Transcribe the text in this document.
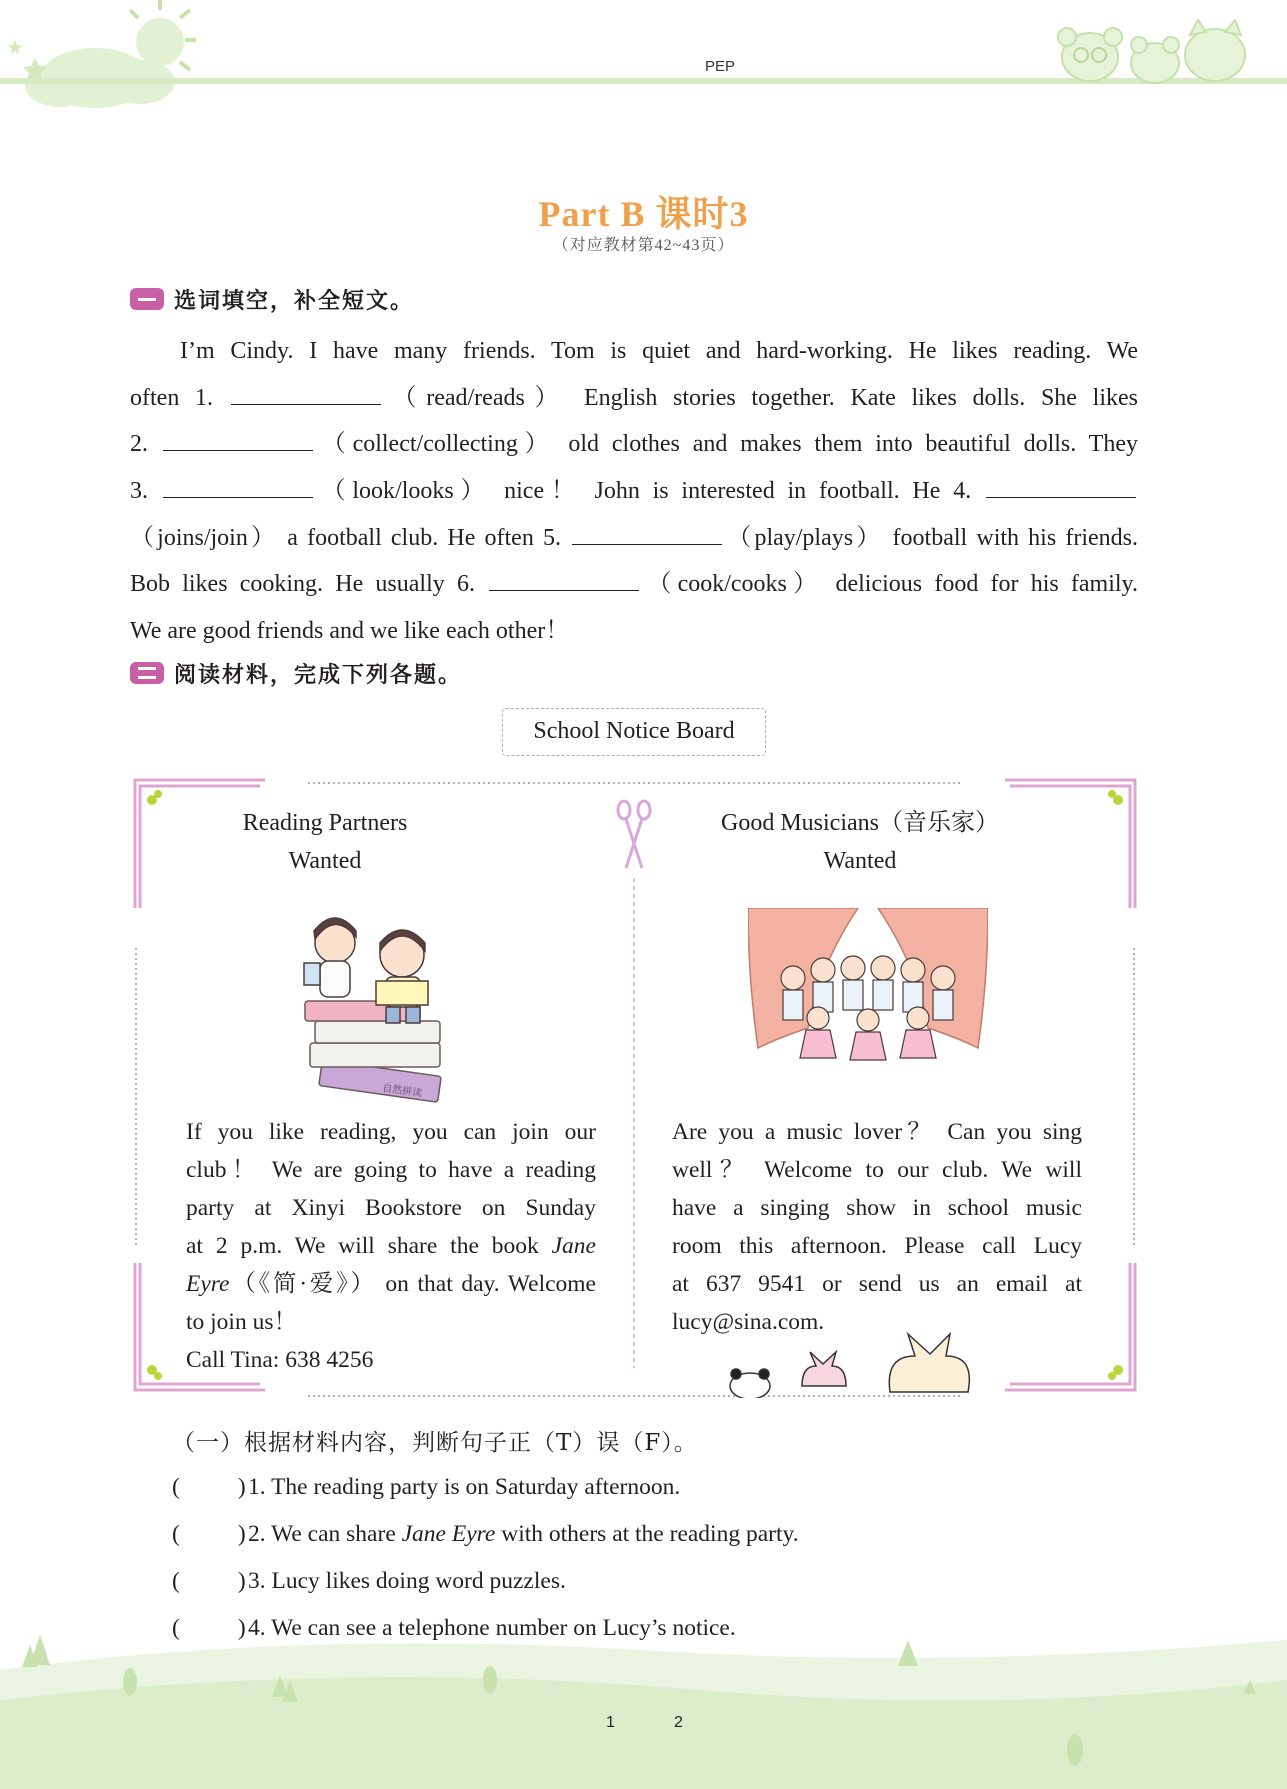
PEP
Part B 课时3
（对应教材第42~43页）
选词填空，补全短文。
I’m Cindy. I have many friends. Tom is quiet and hard-working. He likes reading. We
often 1.	（read/reads） English stories together. Kate likes dolls. She likes
2.	（collect/collecting） old clothes and makes them into beautiful dolls. They
3.	（look/looks） nice！ John is interested in football. He 4.
（joins/join） a football club. He often 5.	（play/plays） football with his friends.
Bob likes cooking. He usually 6.	（cook/cooks） delicious food for his family.
We are good friends and we like each other！
阅读材料，完成下列各题。
School Notice Board
Reading Partners
Wanted
自然拼读
If you like reading, you can join our
club！ We are going to have a reading
party at Xinyi Bookstore on Sunday
at 2 p.m. We will share the book Jane
Eyre（《简·爱》） on that day. Welcome
to join us！
Call Tina: 638 4256
Good Musicians（音乐家）
Wanted
Are you a music lover？ Can you sing
well？ Welcome to our club. We will
have a singing show in school music
room this afternoon. Please call Lucy
at 637 9541 or send us an email at
lucy@sina.com.
（一）根据材料内容，判断句子正（T）误（F）。
( )1. The reading party is on Saturday afternoon.
( )2. We can share Jane Eyre with others at the reading party.
( )3. Lucy likes doing word puzzles.
( )4. We can see a telephone number on Lucy’s notice.
1	2
